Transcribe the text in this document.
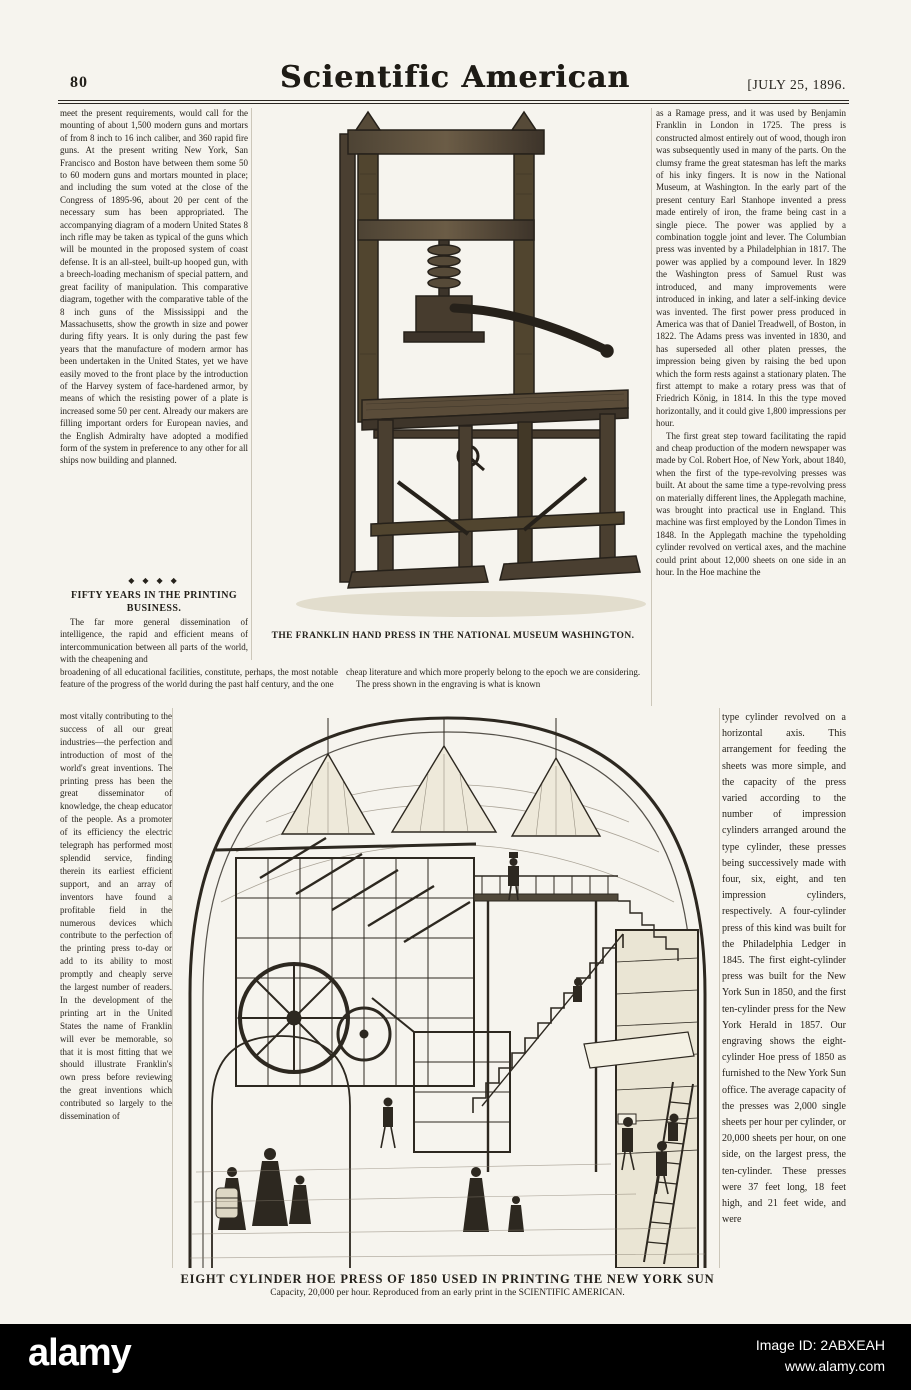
80	Scientific American	[JULY 25, 1896.

meet the present requirements, would call for the mounting of about 1,500 modern guns and mortars of from 8 inch to 16 inch caliber, and 360 rapid fire guns. At the present writing New York, San Francisco and Boston have between them some 50 to 60 modern guns and mortars mounted in place; and including the sum voted at the close of the Congress of 1895-96, about 20 per cent of the necessary sum has been appropriated. The accompanying diagram of a modern United States 8 inch rifle may be taken as typical of the guns which will be mounted in the proposed system of coast defense. It is an all-steel, built-up hooped gun, with a breech-loading mechanism of special pattern, and great facility of manipulation. This comparative diagram, together with the comparative table of the 8 inch guns of the Mississippi and the Massachusetts, show the growth in size and power during fifty years. It is only during the past few years that the manufacture of modern armor has been undertaken in the United States, yet we have easily moved to the front place by the introduction of the Harvey system of face-hardened armor, by means of which the resisting power of a plate is increased some 50 per cent. Already our makers are filling important orders for European navies, and the English Admiralty have adopted a modified form of the system in preference to any other for all ships now building and planned.

◆ ◆ ◆ ◆
FIFTY YEARS IN THE PRINTING BUSINESS.

The far more general dissemination of intelligence, the rapid and efficient means of intercommunication between all parts of the world, with the cheapening and

broadening of all educational facilities, constitute, perhaps, the most notable feature of the progress of the world during the past half century, and the one

most vitally contributing to the success of all our great industries—the perfection and introduction of most of the world's great inventions. The printing press has been the great disseminator of knowledge, the cheap educator of the people. As a promoter of its efficiency the electric telegraph has performed most splendid service, finding therein its earliest efficient support, and an array of inventors have found a profitable field in the numerous devices which contribute to the perfection of the printing press to-day or add to its ability to most promptly and cheaply serve the largest number of readers. In the development of the printing art in the United States the name of Franklin will ever be memorable, so that it is most fitting that we should illustrate Franklin's own press before reviewing the great inventions which contributed so largely to the dissemination of

THE FRANKLIN HAND PRESS IN THE NATIONAL MUSEUM WASHINGTON.

cheap literature and which more properly belong to the epoch we are considering.

The press shown in the engraving is what is known

as a Ramage press, and it was used by Benjamin Franklin in London in 1725. The press is constructed almost entirely out of wood, though iron was subsequently used in many of the parts. On the clumsy frame the great statesman has left the marks of his inky fingers. It is now in the National Museum, at Washington. In the early part of the present century Earl Stanhope invented a press made entirely of iron, the frame being cast in a single piece. The power was applied by a combination toggle joint and lever. The Columbian press was invented by a Philadelphian in 1817. The power was applied by a compound lever. In 1829 the Washington press of Samuel Rust was introduced, and many improvements were introduced in inking, and later a self-inking device was invented. The first power press produced in America was that of Daniel Treadwell, of Boston, in 1822. The Adams press was invented in 1830, and has superseded all other platen presses, the impression being given by raising the bed upon which the form rests against a stationary platen. The first attempt to make a rotary press was that of Friedrich König, in 1814. In this the type moved horizontally, and it could give 1,800 impressions per hour.

The first great step toward facilitating the rapid and cheap production of the modern newspaper was made by Col. Robert Hoe, of New York, about 1840, when the first of the type-revolving presses was built. At about the same time a type-revolving press on materially different lines, the Applegath machine, was brought into practical use in England. This machine was first employed by the London Times in 1848. In the Applegath machine the typeholding cylinder revolved on vertical axes, and the machine could print about 12,000 sheets on one side in an hour. In the Hoe machine the

type cylinder revolved on a horizontal axis. This arrangement for feeding the sheets was more simple, and the capacity of the press varied according to the number of impression cylinders arranged around the type cylinder, these presses being successively made with four, six, eight, and ten impression cylinders, respectively. A four-cylinder press of this kind was built for the Philadelphia Ledger in 1845. The first eight-cylinder press was built for the New York Sun in 1850, and the first ten-cylinder press for the New York Herald in 1857. Our engraving shows the eight-cylinder Hoe press of 1850 as furnished to the New York Sun office. The average capacity of the presses was 2,000 single sheets per hour per cylinder, or 20,000 sheets per hour, on one side, on the largest press, the ten-cylinder. These presses were 37 feet long, 18 feet high, and 21 feet wide, and were

EIGHT CYLINDER HOE PRESS OF 1850 USED IN PRINTING THE NEW YORK SUN
Capacity, 20,000 per hour. Reproduced from an early print in the SCIENTIFIC AMERICAN.
alamy	Image ID: 2ABXEAH
www.alamy.com
